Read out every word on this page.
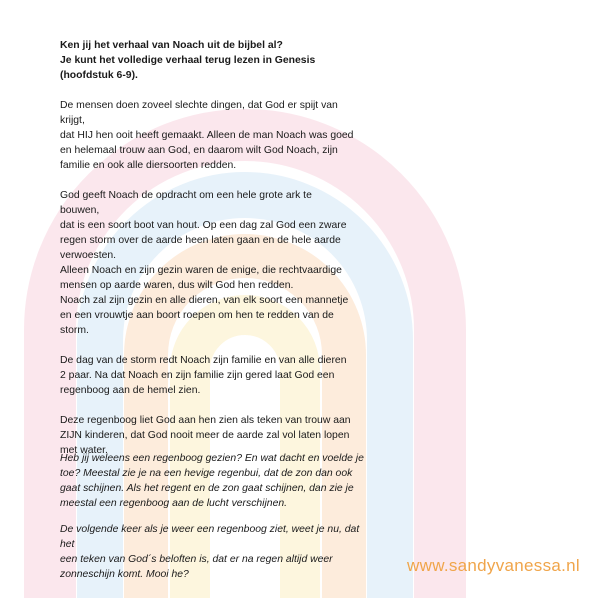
Ken jij het verhaal van Noach uit de bijbel al?

Je kunt het volledige verhaal terug lezen in Genesis

(hoofdstuk 6-9).

De mensen doen zoveel slechte dingen, dat God er spijt van

krijgt,

dat HIJ hen ooit heeft gemaakt. Alleen de man Noach was goed

en helemaal trouw aan God, en daarom wilt God Noach, zijn

familie en ook alle diersoorten redden.

God geeft Noach de opdracht om een hele grote ark te

bouwen,

dat is een soort boot van hout. Op een dag zal God een zware

regen storm over de aarde heen laten gaan en de hele aarde

verwoesten.

Alleen Noach en zijn gezin waren de enige, die rechtvaardige

mensen op aarde waren, dus wilt God hen redden.

Noach zal zijn gezin en alle dieren, van elk soort een mannetje

en een vrouwtje aan boort roepen om hen te redden van de

storm.

De dag van de storm redt Noach zijn familie en van alle dieren

2 paar. Na dat Noach en zijn familie zijn gered laat God een

regenboog aan de hemel zien.

Deze regenboog liet God aan hen zien als teken van trouw aan

ZIJN kinderen, dat God nooit meer de aarde zal vol laten lopen

met water.

Heb jij weleens een regenboog gezien? En wat dacht en voelde je

toe? Meestal zie je na een hevige regenbui, dat de zon dan ook

gaat schijnen. Als het regent en de zon gaat schijnen, dan zie je

meestal een regenboog aan de lucht verschijnen.

De volgende keer als je weer een regenboog ziet, weet je nu, dat het

een teken van God´s beloften is, dat er na regen altijd weer

zonneschijn komt. Mooi he?	www.sandyvanessa.nl
